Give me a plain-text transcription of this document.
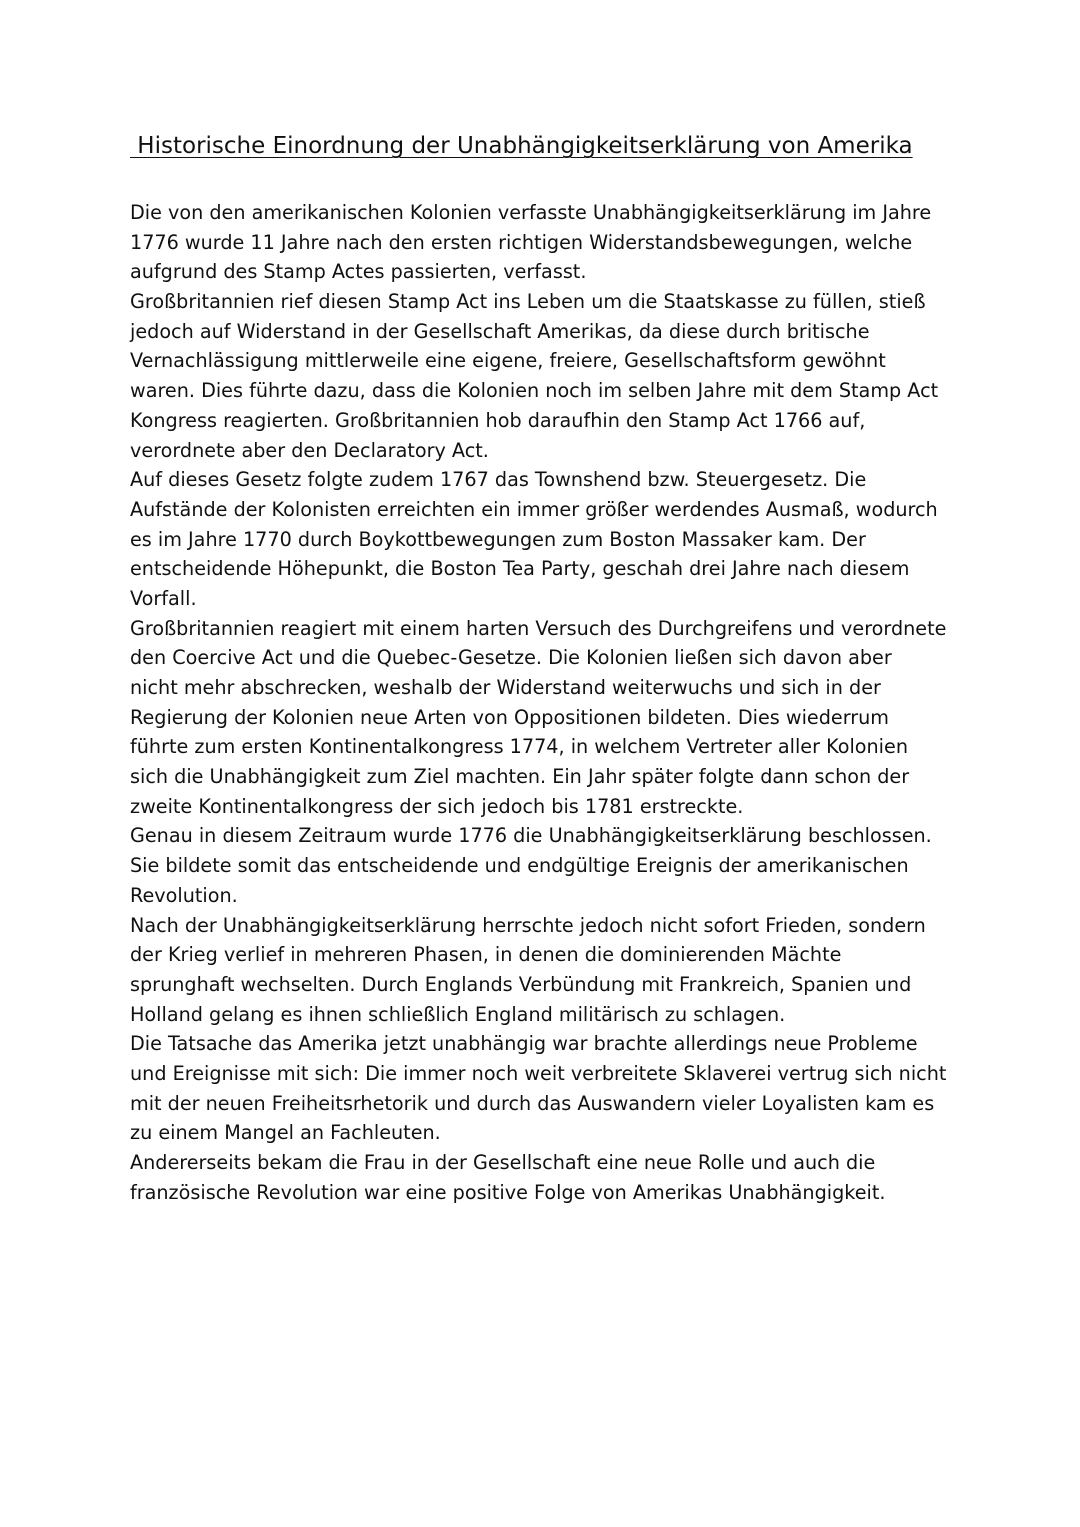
Historische Einordnung der Unabhängigkeitserklärung von Amerika
Die von den amerikanischen Kolonien verfasste Unabhängigkeitserklärung im Jahre
1776 wurde 11 Jahre nach den ersten richtigen Widerstandsbewegungen, welche
aufgrund des Stamp Actes passierten, verfasst.
Großbritannien rief diesen Stamp Act ins Leben um die Staatskasse zu füllen, stieß
jedoch auf Widerstand in der Gesellschaft Amerikas, da diese durch britische
Vernachlässigung mittlerweile eine eigene, freiere, Gesellschaftsform gewöhnt
waren. Dies führte dazu, dass die Kolonien noch im selben Jahre mit dem Stamp Act
Kongress reagierten. Großbritannien hob daraufhin den Stamp Act 1766 auf,
verordnete aber den Declaratory Act.
Auf dieses Gesetz folgte zudem 1767 das Townshend bzw. Steuergesetz. Die
Aufstände der Kolonisten erreichten ein immer größer werdendes Ausmaß, wodurch
es im Jahre 1770 durch Boykottbewegungen zum Boston Massaker kam. Der
entscheidende Höhepunkt, die Boston Tea Party, geschah drei Jahre nach diesem
Vorfall.
Großbritannien reagiert mit einem harten Versuch des Durchgreifens und verordnete
den Coercive Act und die Quebec-Gesetze. Die Kolonien ließen sich davon aber
nicht mehr abschrecken, weshalb der Widerstand weiterwuchs und sich in der
Regierung der Kolonien neue Arten von Oppositionen bildeten. Dies wiederrum
führte zum ersten Kontinentalkongress 1774, in welchem Vertreter aller Kolonien
sich die Unabhängigkeit zum Ziel machten. Ein Jahr später folgte dann schon der
zweite Kontinentalkongress der sich jedoch bis 1781 erstreckte.
Genau in diesem Zeitraum wurde 1776 die Unabhängigkeitserklärung beschlossen.
Sie bildete somit das entscheidende und endgültige Ereignis der amerikanischen
Revolution.
Nach der Unabhängigkeitserklärung herrschte jedoch nicht sofort Frieden, sondern
der Krieg verlief in mehreren Phasen, in denen die dominierenden Mächte
sprunghaft wechselten. Durch Englands Verbündung mit Frankreich, Spanien und
Holland gelang es ihnen schließlich England militärisch zu schlagen.
Die Tatsache das Amerika jetzt unabhängig war brachte allerdings neue Probleme
und Ereignisse mit sich: Die immer noch weit verbreitete Sklaverei vertrug sich nicht
mit der neuen Freiheitsrhetorik und durch das Auswandern vieler Loyalisten kam es
zu einem Mangel an Fachleuten.
Andererseits bekam die Frau in der Gesellschaft eine neue Rolle und auch die
französische Revolution war eine positive Folge von Amerikas Unabhängigkeit.
